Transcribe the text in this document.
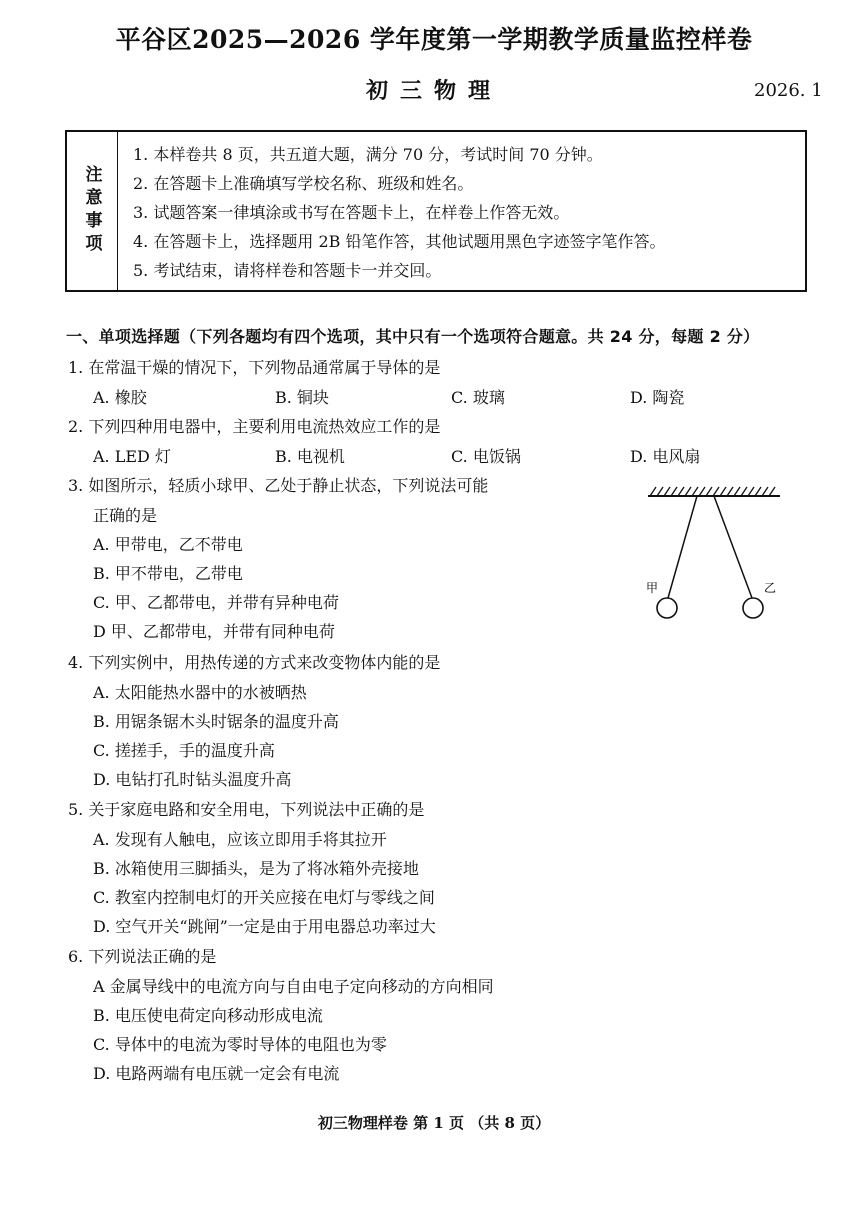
平谷区2025—2026 学年度第一学期教学质量监控样卷
初三物理	2026. 1
注意事项
1. 本样卷共 8 页，共五道大题，满分 70 分，考试时间 70 分钟。
2. 在答题卡上准确填写学校名称、班级和姓名。
3. 试题答案一律填涂或书写在答题卡上，在样卷上作答无效。
4. 在答题卡上，选择题用 2B 铅笔作答，其他试题用黑色字迹签字笔作答。
5. 考试结束，请将样卷和答题卡一并交回。
一、单项选择题（下列各题均有四个选项，其中只有一个选项符合题意。共 24 分，每题 2 分）
1. 在常温干燥的情况下，下列物品通常属于导体的是
A. 橡胶	B. 铜块	C. 玻璃	D. 陶瓷
2. 下列四种用电器中，主要利用电流热效应工作的是
A. LED 灯	B. 电视机	C. 电饭锅	D. 电风扇
3. 如图所示，轻质小球甲、乙处于静止状态，下列说法可能
正确的是
A. 甲带电，乙不带电
B. 甲不带电，乙带电
C. 甲、乙都带电，并带有异种电荷
D 甲、乙都带电，并带有同种电荷
甲	乙
4. 下列实例中，用热传递的方式来改变物体内能的是
A. 太阳能热水器中的水被晒热
B. 用锯条锯木头时锯条的温度升高
C. 搓搓手，手的温度升高
D. 电钻打孔时钻头温度升高
5. 关于家庭电路和安全用电，下列说法中正确的是
A. 发现有人触电，应该立即用手将其拉开
B. 冰箱使用三脚插头，是为了将冰箱外壳接地
C. 教室内控制电灯的开关应接在电灯与零线之间
D. 空气开关“跳闸”一定是由于用电器总功率过大
6. 下列说法正确的是
A 金属导线中的电流方向与自由电子定向移动的方向相同
B. 电压使电荷定向移动形成电流
C. 导体中的电流为零时导体的电阻也为零
D. 电路两端有电压就一定会有电流
初三物理样卷 第 1 页 （共 8 页）
